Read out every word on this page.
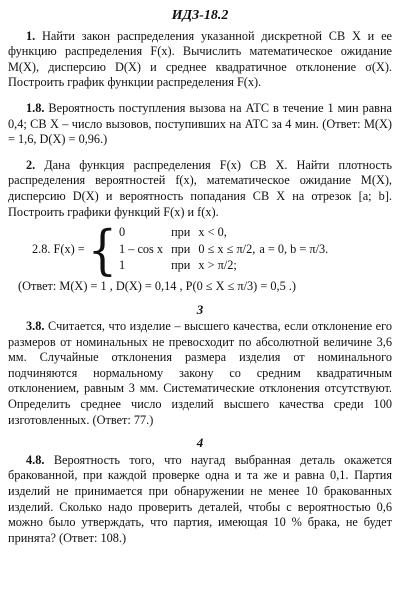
ИДЗ-18.2

1. Найти закон распределения указанной дискретной СВ X и ее функцию распределения F(x). Вычислить математическое ожидание M(X), дисперсию D(X) и среднее квадратичное отклонение σ(X). Построить график функции распределения F(x).

1.8. Вероятность поступления вызова на АТС в течение 1 мин равна 0,4; СВ X – число вызовов, поступивших на АТС за 4 мин. (Ответ: M(X) = 1,6, D(X) = 0,96.)

2. Дана функция распределения F(x) СВ X. Найти плотность распределения вероятностей f(x), математическое ожидание M(X), дисперсию D(X) и вероятность попадания СВ X на отрезок [a; b]. Построить графики функций F(x) и f(x).

2.8. F(x) = { 0	при x < 0,
1 – cos x при 0 ≤ x ≤ π/2,
1	при x > π/2;
a = 0, b = π/3.

(Ответ: M(X) = 1 , D(X) = 0,14 , P(0 ≤ X ≤ π/3) = 0,5 .)

3

3.8. Считается, что изделие – высшего качества, если отклонение его размеров от номинальных не превосходит по абсолютной величине 3,6 мм. Случайные отклонения размера изделия от номинального подчиняются нормальному закону со средним квадратичным отклонением, равным 3 мм. Систематические отклонения отсутствуют. Определить среднее число изделий высшего качества среди 100 изготовленных. (Ответ: 77.)

4

4.8. Вероятность того, что наугад выбранная деталь окажется бракованной, при каждой проверке одна и та же и равна 0,1. Партия изделий не принимается при обнаружении не менее 10 бракованных изделий. Сколько надо проверить деталей, чтобы с вероятностью 0,6 можно было утверждать, что партия, имеющая 10 % брака, не будет принята? (Ответ: 108.)
